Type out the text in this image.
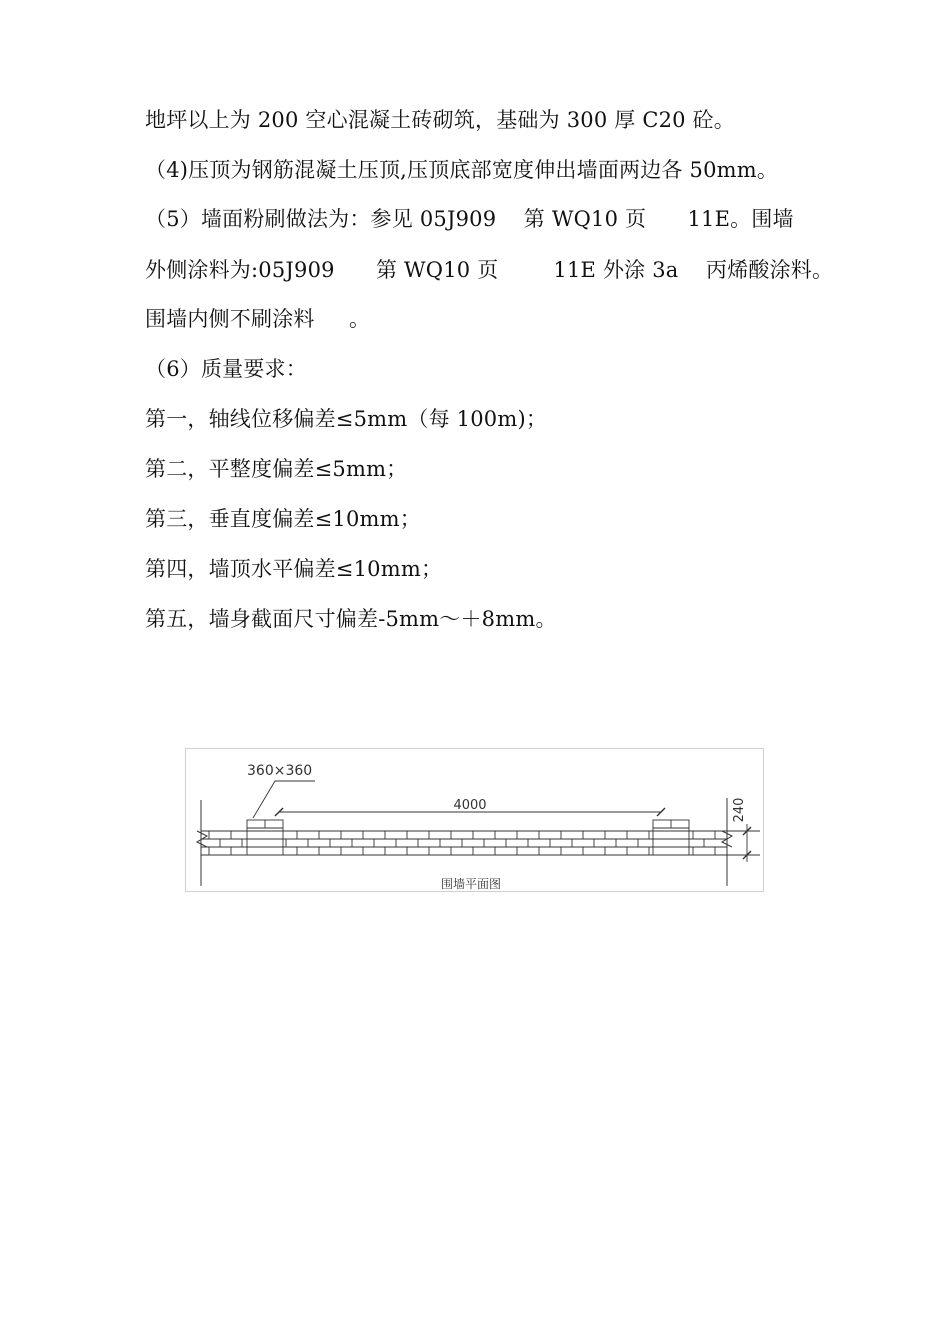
地坪以上为 200 空心混凝土砖砌筑，基础为 300 厚 C20 砼。
（4)压顶为钢筋混凝土压顶,压顶底部宽度伸出墙面两边各 50mm。
（5）墙面粉刷做法为：参见 05J909    第 WQ10 页      11E。围墙
外侧涂料为:05J909      第 WQ10 页        11E 外涂 3a    丙烯酸涂料。
围墙内侧不刷涂料     。
（6）质量要求：
第一，轴线位移偏差≤5mm（每 100m)；
第二，平整度偏差≤5mm；
第三，垂直度偏差≤10mm；
第四，墙顶水平偏差≤10mm；
第五，墙身截面尺寸偏差-5mm～＋8mm。
360×360
4000	240
围墙平面图
